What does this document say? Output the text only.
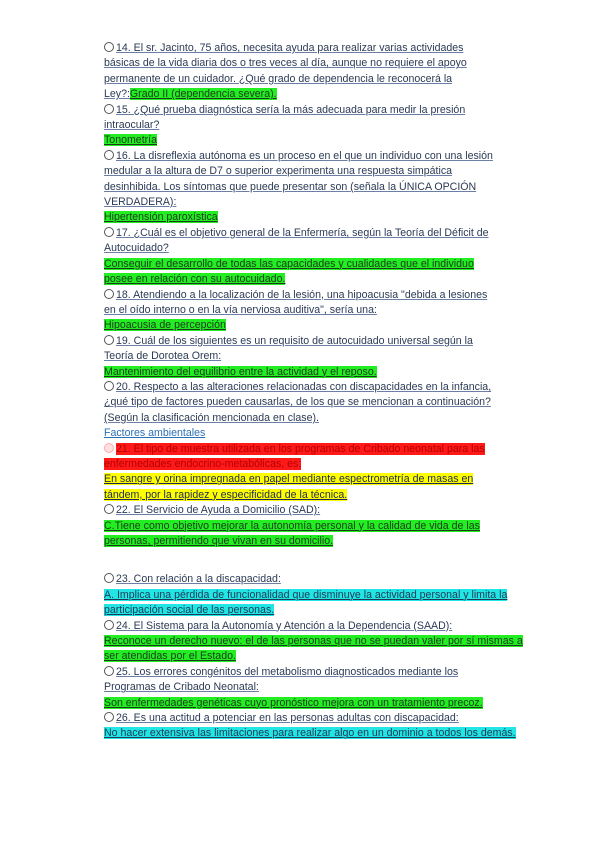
14. El sr. Jacinto, 75 años, necesita ayuda para realizar varias actividades
básicas de la vida diaria dos o tres veces al día, aunque no requiere el apoyo
permanente de un cuidador. ¿Qué grado de dependencia le reconocerá la
Ley?:Grado II (dependencia severa).
15. ¿Qué prueba diagnóstica sería la más adecuada para medir la presión
intraocular?
Tonometría
16. La disreflexia autónoma es un proceso en el que un individuo con una lesión
medular a la altura de D7 o superior experimenta una respuesta simpática
desinhibida. Los síntomas que puede presentar son (señala la ÚNICA OPCIÓN
VERDADERA):
Hipertensión paroxística
17. ¿Cuál es el objetivo general de la Enfermería, según la Teoría del Déficit de
Autocuidado?
Conseguir el desarrollo de todas las capacidades y cualidades que el individuo
posee en relación con su autocuidado.
18. Atendiendo a la localización de la lesión, una hipoacusia "debida a lesiones
en el oído interno o en la vía nerviosa auditiva", sería una:
Hipoacusia de percepción
19. Cuál de los siguientes es un requisito de autocuidado universal según la
Teoría de Dorotea Orem:
Mantenimiento del equilibrio entre la actividad y el reposo.
20. Respecto a las alteraciones relacionadas con discapacidades en la infancia,
¿qué tipo de factores pueden causarlas, de los que se mencionan a continuación?
(Según la clasificación mencionada en clase).
Factores ambientales
21. El tipo de muestra utilizada en los programas de Cribado neonatal para las
enfermedades endocrino-metabólicas, es:
En sangre y orina impregnada en papel mediante espectrometría de masas en
tándem, por la rapidez y especificidad de la técnica.
22. El Servicio de Ayuda a Domicilio (SAD):
C.Tiene como objetivo mejorar la autonomía personal y la calidad de vida de las
personas, permitiendo que vivan en su domicilio.
23. Con relación a la discapacidad:
A. Implica una pérdida de funcionalidad que disminuye la actividad personal y limita la
participación social de las personas.
24. El Sistema para la Autonomía y Atención a la Dependencia (SAAD):
Reconoce un derecho nuevo: el de las personas que no se puedan valer por sí mismas a
ser atendidas por el Estado.
25. Los errores congénitos del metabolismo diagnosticados mediante los
Programas de Cribado Neonatal:
Son enfermedades genéticas cuyo pronóstico mejora con un tratamiento precoz.
26. Es una actitud a potenciar en las personas adultas con discapacidad:
No hacer extensiva las limitaciones para realizar algo en un dominio a todos los demás.
